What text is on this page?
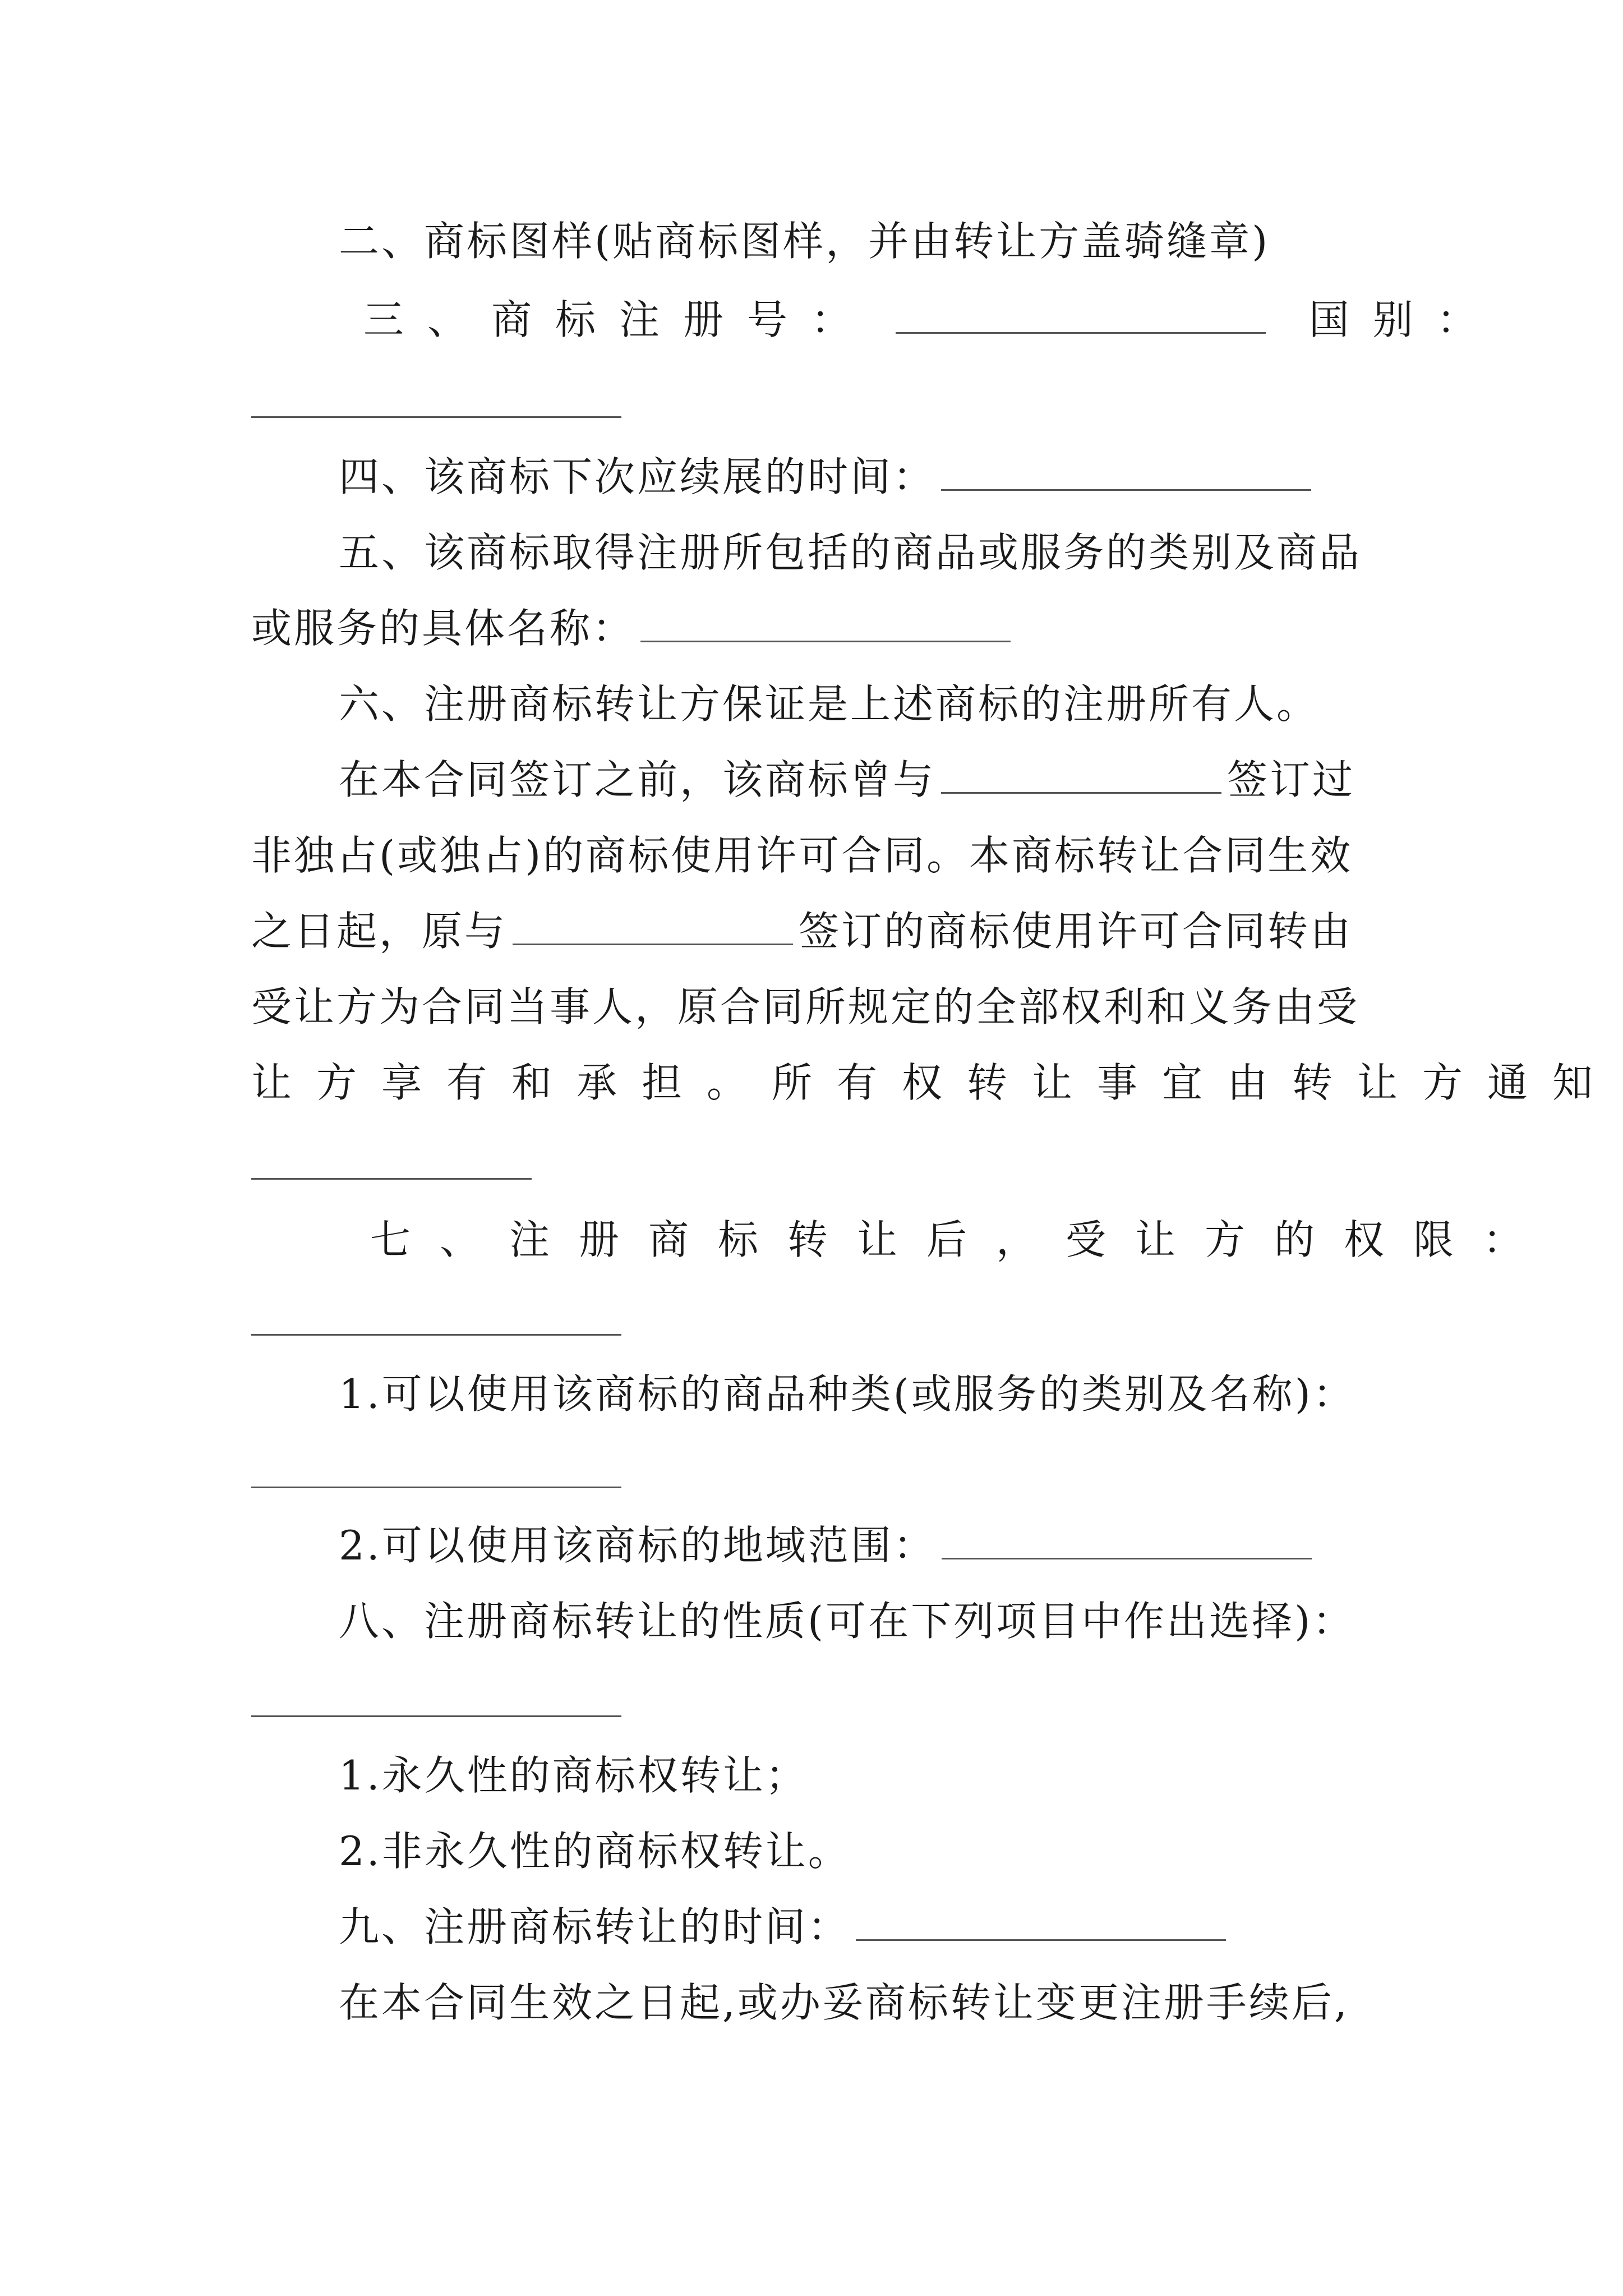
二、商标图样(贴商标图样，并由转让方盖骑缝章)
三、商标注册号：	国别：
四、该商标下次应续展的时间：
五、该商标取得注册所包括的商品或服务的类别及商品
或服务的具体名称：
六、注册商标转让方保证是上述商标的注册所有人。
在本合同签订之前，该商标曾与	签订过
非独占(或独占)的商标使用许可合同。本商标转让合同生效
之日起，原与	签订的商标使用许可合同转由
受让方为合同当事人，原合同所规定的全部权利和义务由受
让方享有和承担。所有权转让事宜由转让方通知
七、注册商标转让后，受让方的权限：
1.可以使用该商标的商品种类(或服务的类别及名称)：
2.可以使用该商标的地域范围：
八、注册商标转让的性质(可在下列项目中作出选择)：
1.永久性的商标权转让；
2.非永久性的商标权转让。
九、注册商标转让的时间：
在本合同生效之日起,或办妥商标转让变更注册手续后,
